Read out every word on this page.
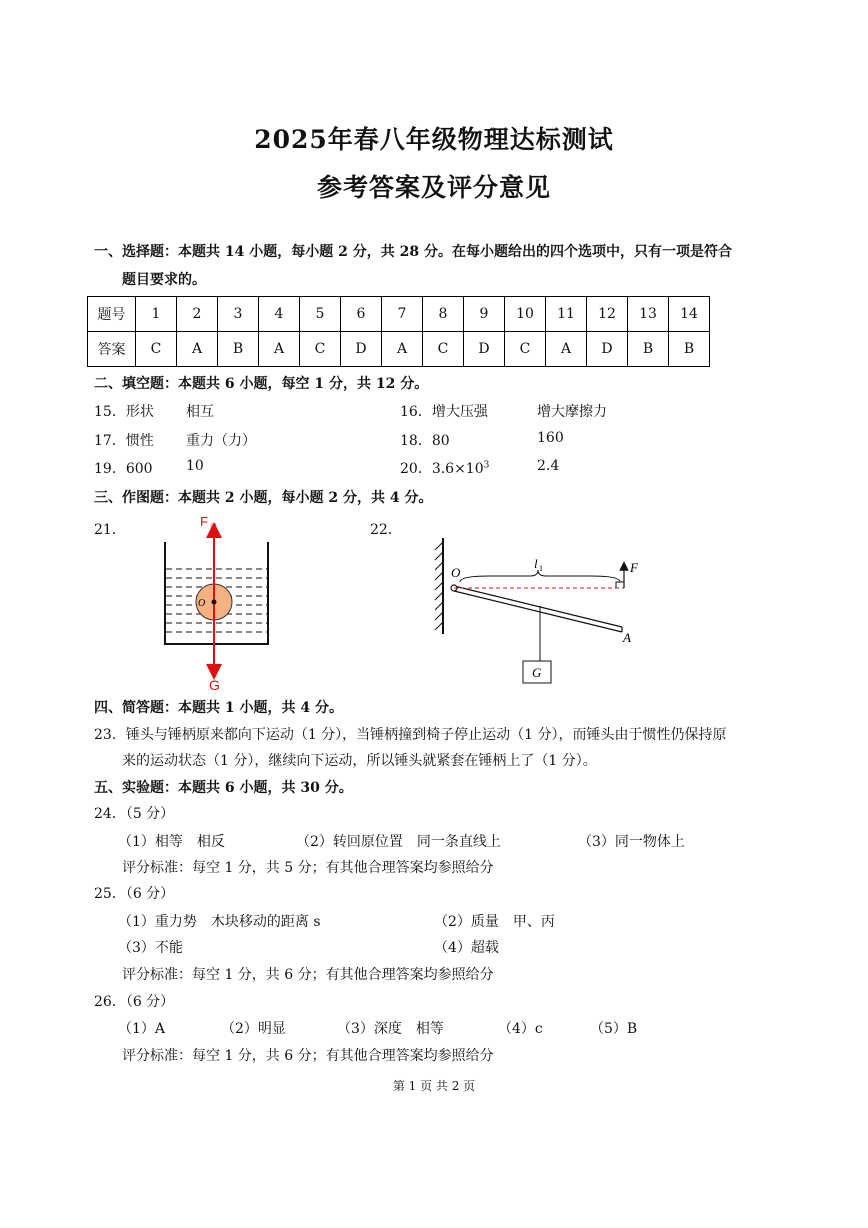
2025年春八年级物理达标测试
参考答案及评分意见
一、选择题：本题共 14 小题，每小题 2 分，共 28 分。在每小题给出的四个选项中，只有一项是符合
题目要求的。
题号	1	2	3	4	5	6	7	8	9	10	11	12	13	14
答案	C	A	B	A	C	D	A	C	D	C	A	D	B	B
二、填空题：本题共 6 小题，每空 1 分，共 12 分。
15．形状 相互	16．增大压强	增大摩擦力
17．惯性 重力（力）	18．80	160
19．600 10	20．$3.6\times 10^3$	2.4
三、作图题：本题共 2 小题，每小题 2 分，共 4 分。
21．	22．
O
F 浮
G
G
O
l 1	F
A
四、简答题：本题共 1 小题，共 4 分。
23．锤头与锤柄原来都向下运动（1 分），当锤柄撞到椅子停止运动（1 分），而锤头由于惯性仍保持原
来的运动状态（1 分），继续向下运动，所以锤头就紧套在锤柄上了（1 分）。
五、实验题：本题共 6 小题，共 30 分。
24．（5 分）
（1）相等　相反	（2）转回原位置　同一条直线上	（3）同一物体上
评分标准：每空 1 分，共 5 分；有其他合理答案均参照给分
25．（6 分）
（1）重力势　木块移动的距离 s	（2）质量　甲、丙
（3）不能	（4）超载
评分标准：每空 1 分，共 6 分；有其他合理答案均参照给分
26．（6 分）
（1）A	（2）明显	（3）深度　相等	（4）c	（5）B
评分标准：每空 1 分，共 6 分；有其他合理答案均参照给分
第 1 页 共 2 页
